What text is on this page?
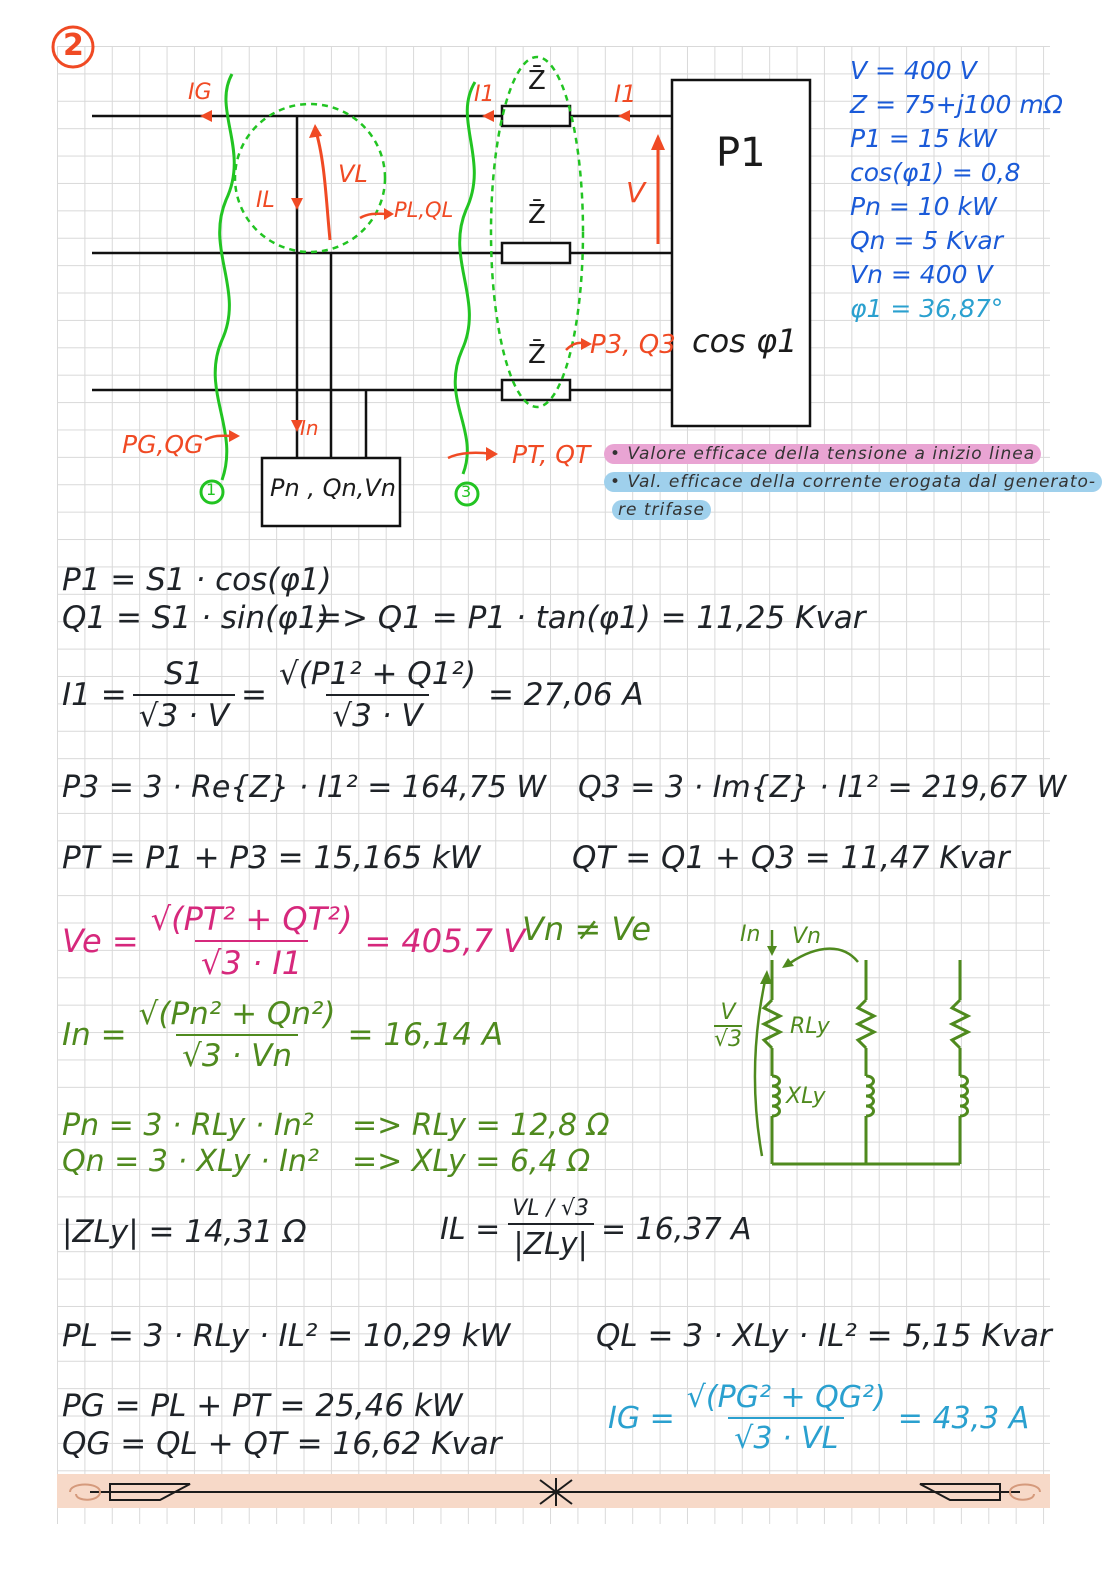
2
IG	I1	I1
IL
In
VL
V
PL,QL
P3, Q3
PG,QG	PT, QT
Z̄
Z̄
Z̄
P1
cos φ1
Pn , Qn,Vn
1	3
V = 400 V
Z = 75+j100 mΩ
P1 = 15 kW
cos(φ1) = 0,8
Pn = 10 kW
Qn = 5 Kvar
Vn = 400 V
φ1 = 36,87°
• Valore efficace della tensione a inizio linea
• Val. efficace della corrente erogata dal generato-
re trifase
P1 = S1 · cos(φ1)
Q1 = S1 · sin(φ1)
=> Q1 = P1 · tan(φ1) = 11,25 Kvar
$I1 = \frac{S1}{√3 \cdot V} = \frac{\text{√(P1² + Q1²)}}{√3 \cdot V} = 27,06$ A
P3 = 3 · Re{Z} · I1² = 164,75 W Q3 = 3 · Im{Z} · I1² = 219,67 W
PT = P1 + P3 = 15,165 kW	QT = Q1 + Q3 = 11,47 Kvar
$Ve = \frac{\text{√(PT² + QT²)}}{√3 \cdot I1} = 405,7$ V
Vn ≠ Ve
$In = \frac{\text{√(Pn² + Qn²)}}{√3 \cdot Vn} = 16,14$ A
Pn = 3 · RLy · In² => RLy = 12,8 Ω
Qn = 3 · XLy · In² => XLy = 6,4 Ω
|ZLy| = 14,31 Ω	IL = $\frac{VL / √3}{\text{|ZLy|}} = 16,37$ A
PL = 3 · RLy · IL² = 10,29 kW	QL = 3 · XLy · IL² = 5,15 Kvar
PG = PL + PT = 25,46 kW
QG = QL + QT = 16,62 Kvar
IG = $\frac{\text{√(PG² + QG²)}}{√3 \cdot VL} = 43,3$ A
In Vn
V
√3
RLy
XLy
